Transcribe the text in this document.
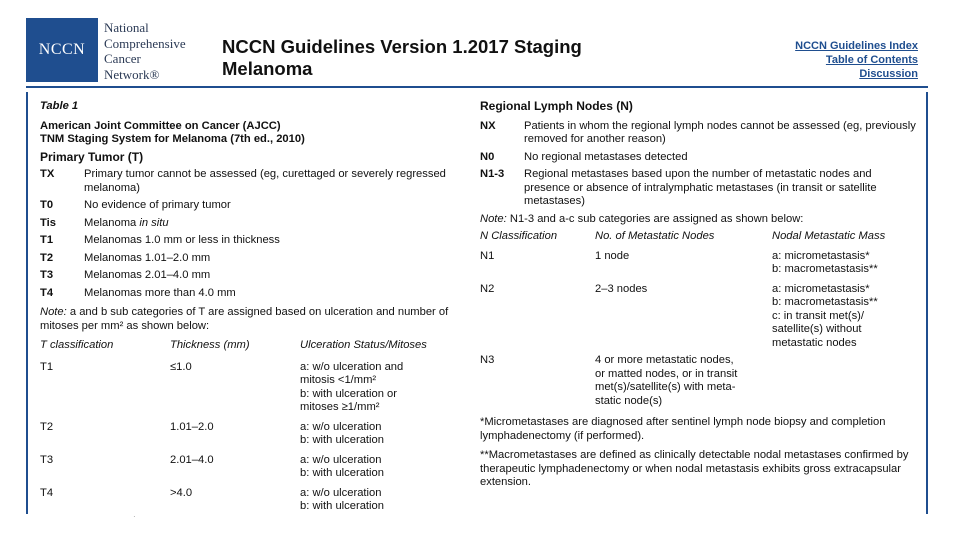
NCCN
National
Comprehensive
Cancer
Network®
NCCN Guidelines Version 1.2017 Staging
Melanoma
NCCN Guidelines Index
Table of Contents
Discussion
Table 1
American Joint Committee on Cancer (AJCC)
TNM Staging System for Melanoma (7th ed., 2010)
Primary Tumor (T)
TX	Primary tumor cannot be assessed (eg, curettaged or severely regressed melanoma)
T0	No evidence of primary tumor
Tis	Melanoma in situ
T1	Melanomas 1.0 mm or less in thickness
T2	Melanomas 1.01–2.0 mm
T3	Melanomas 2.01–4.0 mm
T4	Melanomas more than 4.0 mm
Note: a and b sub categories of T are assigned based on ulceration and number of mitoses per mm² as shown below:
T classification	Thickness (mm)	Ulceration Status/Mitoses
T1	≤1.0	a: w/o ulceration and
mitosis <1/mm²
b: with ulceration or
mitoses ≥1/mm²
T2	1.01–2.0	a: w/o ulceration
b: with ulceration
T3	2.01–4.0	a: w/o ulceration
b: with ulceration
T4	>4.0	a: w/o ulceration
b: with ulceration
Regional Lymph Nodes (N)
NX	Patients in whom the regional lymph nodes cannot be assessed (eg, previously removed for another reason)
N0	No regional metastases detected
N1-3	Regional metastases based upon the number of metastatic nodes and presence or absence of intralymphatic metastases (in transit or satellite metastases)
Note: N1-3 and a-c sub categories are assigned as shown below:
N Classification	No. of Metastatic Nodes	Nodal Metastatic Mass
N1	1 node	a: micrometastasis*
b: macrometastasis**
N2	2–3 nodes	a: micrometastasis*
b: macrometastasis**
c: in transit met(s)/
satellite(s) without
metastatic nodes
N3	4 or more metastatic nodes,
or matted nodes, or in transit
met(s)/satellite(s) with meta-
static node(s)
*Micrometastases are diagnosed after sentinel lymph node biopsy and completion lymphadenectomy (if performed).
**Macrometastases are defined as clinically detectable nodal metastases confirmed by therapeutic lymphadenectomy or when nodal metastasis exhibits gross extracapsular extension.
·
